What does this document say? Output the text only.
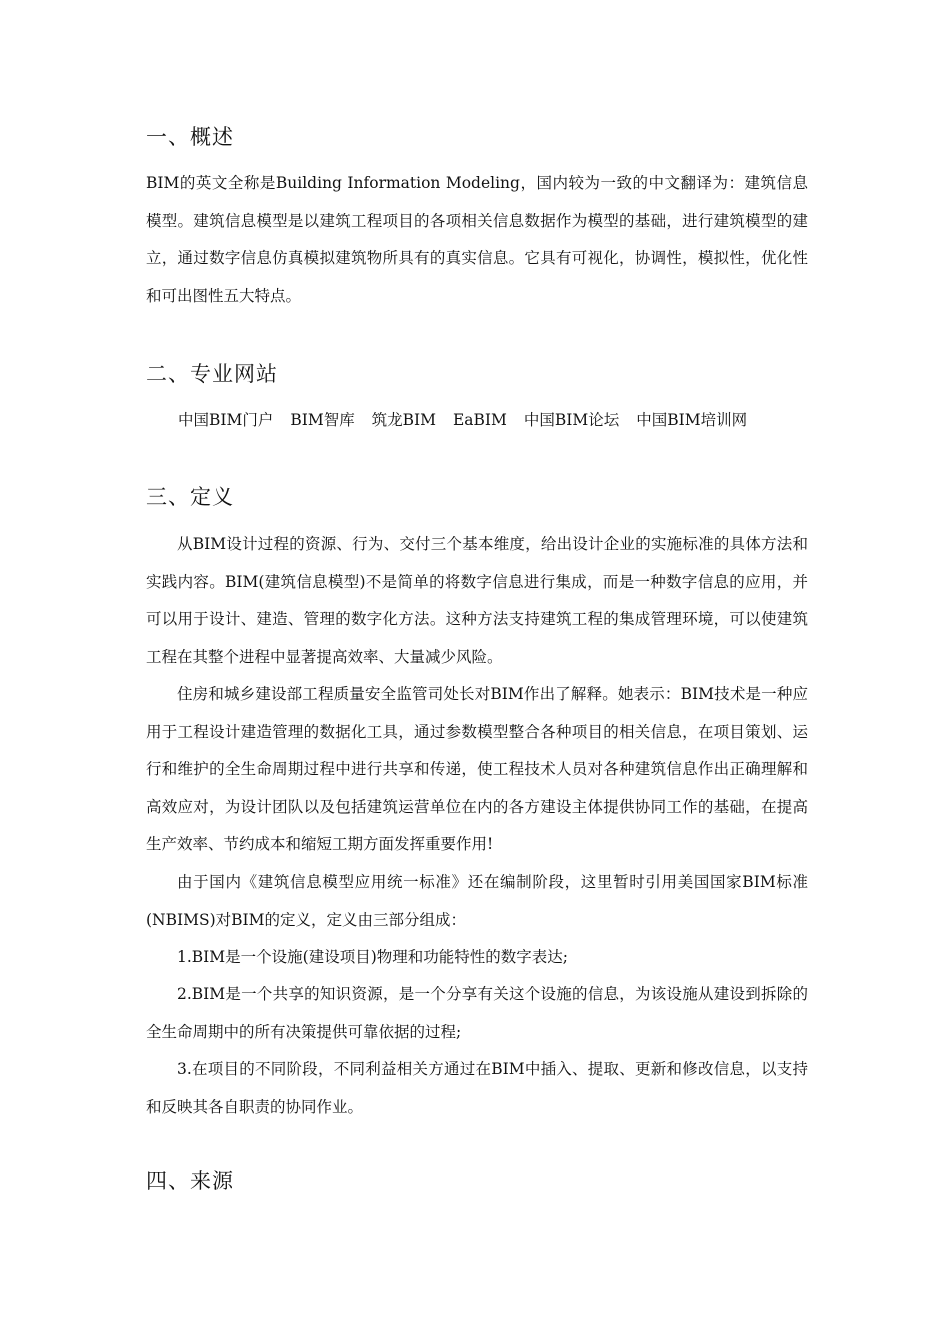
一、概述

BIM的英文全称是Building Information Modeling，国内较为一致的中文翻译为：建筑信息模型。建筑信息模型是以建筑工程项目的各项相关信息数据作为模型的基础，进行建筑模型的建立，通过数字信息仿真模拟建筑物所具有的真实信息。它具有可视化，协调性，模拟性，优化性和可出图性五大特点。

二、专业网站
中国BIM门户 BIM智库 筑龙BIM EaBIM 中国BIM论坛 中国BIM培训网
三、定义

从BIM设计过程的资源、行为、交付三个基本维度，给出设计企业的实施标准的具体方法和实践内容。BIM(建筑信息模型)不是简单的将数字信息进行集成，而是一种数字信息的应用，并可以用于设计、建造、管理的数字化方法。这种方法支持建筑工程的集成管理环境，可以使建筑工程在其整个进程中显著提高效率、大量减少风险。

住房和城乡建设部工程质量安全监管司处长对BIM作出了解释。她表示：BIM技术是一种应用于工程设计建造管理的数据化工具，通过参数模型整合各种项目的相关信息，在项目策划、运行和维护的全生命周期过程中进行共享和传递，使工程技术人员对各种建筑信息作出正确理解和高效应对，为设计团队以及包括建筑运营单位在内的各方建设主体提供协同工作的基础，在提高生产效率、节约成本和缩短工期方面发挥重要作用!

由于国内《建筑信息模型应用统一标准》还在编制阶段，这里暂时引用美国国家BIM标准(NBIMS)对BIM的定义，定义由三部分组成：

1.BIM是一个设施(建设项目)物理和功能特性的数字表达;

2.BIM是一个共享的知识资源，是一个分享有关这个设施的信息，为该设施从建设到拆除的全生命周期中的所有决策提供可靠依据的过程;

3.在项目的不同阶段，不同利益相关方通过在BIM中插入、提取、更新和修改信息，以支持和反映其各自职责的协同作业。

四、来源
